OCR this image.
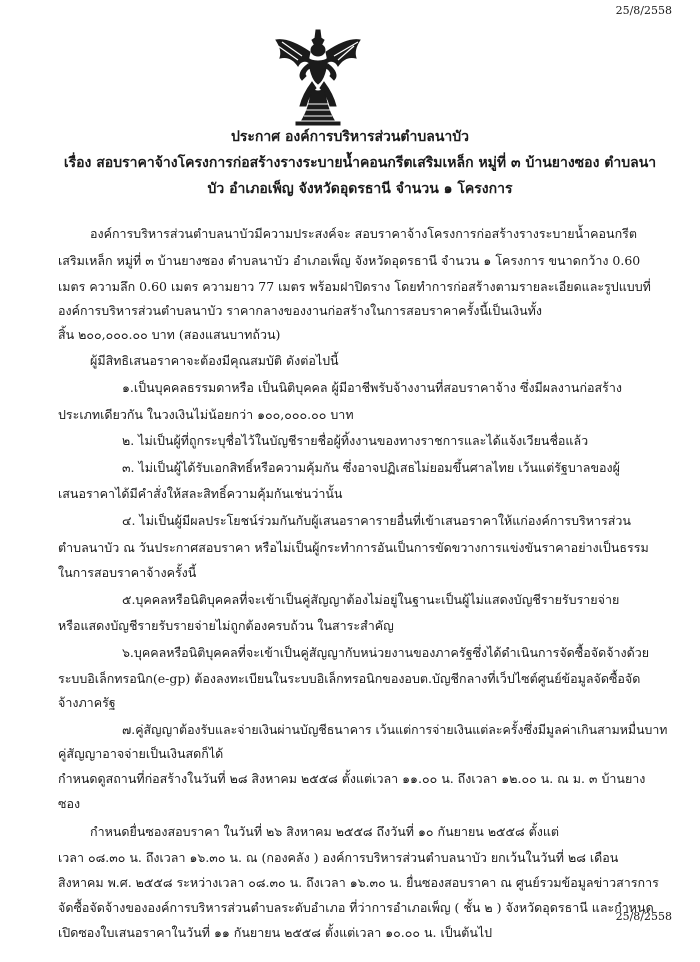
25/8/2558
ประกาศ องค์การบริหารส่วนตำบลนาบัว
เรื่อง สอบราคาจ้างโครงการก่อสร้างรางระบายน้ำคอนกรีตเสริมเหล็ก หมู่ที่ ๓ บ้านยางซอง ตำบลนา
บัว อำเภอเพ็ญ จังหวัดอุดรธานี จำนวน ๑ โครงการ
องค์การบริหารส่วนตำบลนาบัวมีความประสงค์จะ สอบราคาจ้างโครงการก่อสร้างรางระบายน้ำคอนกรีต
เสริมเหล็ก หมู่ที่ ๓ บ้านยางซอง ตำบลนาบัว อำเภอเพ็ญ จังหวัดอุดรธานี จำนวน ๑ โครงการ ขนาดกว้าง 0.60
เมตร ความลึก 0.60 เมตร ความยาว 77 เมตร พร้อมฝาปิดราง โดยทำการก่อสร้างตามรายละเอียดและรูปแบบที่
องค์การบริหารส่วนตำบลนาบัว ราคากลางของงานก่อสร้างในการสอบราคาครั้งนี้เป็นเงินทั้ง
สิ้น ๒๐๐,๐๐๐.๐๐ บาท (สองแสนบาทถ้วน)
ผู้มีสิทธิเสนอราคาจะต้องมีคุณสมบัติ ดังต่อไปนี้
๑.เป็นบุคคลธรรมดาหรือ เป็นนิติบุคคล ผู้มีอาชีพรับจ้างงานที่สอบราคาจ้าง ซึ่งมีผลงานก่อสร้าง
ประเภทเดียวกัน ในวงเงินไม่น้อยกว่า ๑๐๐,๐๐๐.๐๐ บาท
๒. ไม่เป็นผู้ที่ถูกระบุชื่อไว้ในบัญชีรายชื่อผู้ทิ้งงานของทางราชการและได้แจ้งเวียนชื่อแล้ว
๓. ไม่เป็นผู้ได้รับเอกสิทธิ์หรือความคุ้มกัน ซึ่งอาจปฏิเสธไม่ยอมขึ้นศาลไทย เว้นแต่รัฐบาลของผู้
เสนอราคาได้มีคำสั่งให้สละสิทธิ์ความคุ้มกันเช่นว่านั้น
๔. ไม่เป็นผู้มีผลประโยชน์ร่วมกันกับผู้เสนอราคารายอื่นที่เข้าเสนอราคาให้แก่องค์การบริหารส่วน
ตำบลนาบัว ณ วันประกาศสอบราคา หรือไม่เป็นผู้กระทำการอันเป็นการขัดขวางการแข่งขันราคาอย่างเป็นธรรม
ในการสอบราคาจ้างครั้งนี้
๕.บุคคลหรือนิติบุคคลที่จะเข้าเป็นคู่สัญญาต้องไม่อยู่ในฐานะเป็นผู้ไม่แสดงบัญชีรายรับรายจ่าย
หรือแสดงบัญชีรายรับรายจ่ายไม่ถูกต้องครบถ้วน ในสาระสำคัญ
๖.บุคคลหรือนิติบุคคลที่จะเข้าเป็นคู่สัญญากับหน่วยงานของภาครัฐซึ่งได้ดำเนินการจัดซื้อจัดจ้างด้วย
ระบบอิเล็กทรอนิก(e-gp) ต้องลงทะเบียนในระบบอิเล็กทรอนิกของอบต.บัญชีกลางที่เว็ปไซต์ศูนย์ข้อมูลจัดซื้อจัด
จ้างภาครัฐ
๗.คู่สัญญาต้องรับและจ่ายเงินผ่านบัญชีธนาคาร เว้นแต่การจ่ายเงินแต่ละครั้งซึ่งมีมูลค่าเกินสามหมื่นบาท
คู่สัญญาอาจจ่ายเป็นเงินสดก็ได้
กำหนดดูสถานที่ก่อสร้างในวันที่ ๒๘ สิงหาคม ๒๕๕๘ ตั้งแต่เวลา ๑๑.๐๐ น. ถึงเวลา ๑๒.๐๐ น. ณ ม. ๓ บ้านยาง
ซอง
กำหนดยื่นซองสอบราคา ในวันที่ ๒๖ สิงหาคม ๒๕๕๘ ถึงวันที่ ๑๐ กันยายน ๒๕๕๘ ตั้งแต่
เวลา ๐๘.๓๐ น. ถึงเวลา ๑๖.๓๐ น. ณ (กองคลัง ) องค์การบริหารส่วนตำบลนาบัว ยกเว้นในวันที่ ๒๘ เดือน
สิงหาคม พ.ศ. ๒๕๕๘ ระหว่างเวลา ๐๘.๓๐ น. ถึงเวลา ๑๖.๓๐ น. ยื่นซองสอบราคา ณ ศูนย์รวมข้อมูลข่าวสารการ
จัดซื้อจัดจ้างขององค์การบริหารส่วนตำบลระดับอำเภอ ที่ว่าการอำเภอเพ็ญ ( ชั้น ๒ ) จังหวัดอุดรธานี และกำหนด
เปิดซองใบเสนอราคาในวันที่ ๑๑ กันยายน ๒๕๕๘ ตั้งแต่เวลา ๑๐.๐๐ น. เป็นต้นไป
25/8/2558
